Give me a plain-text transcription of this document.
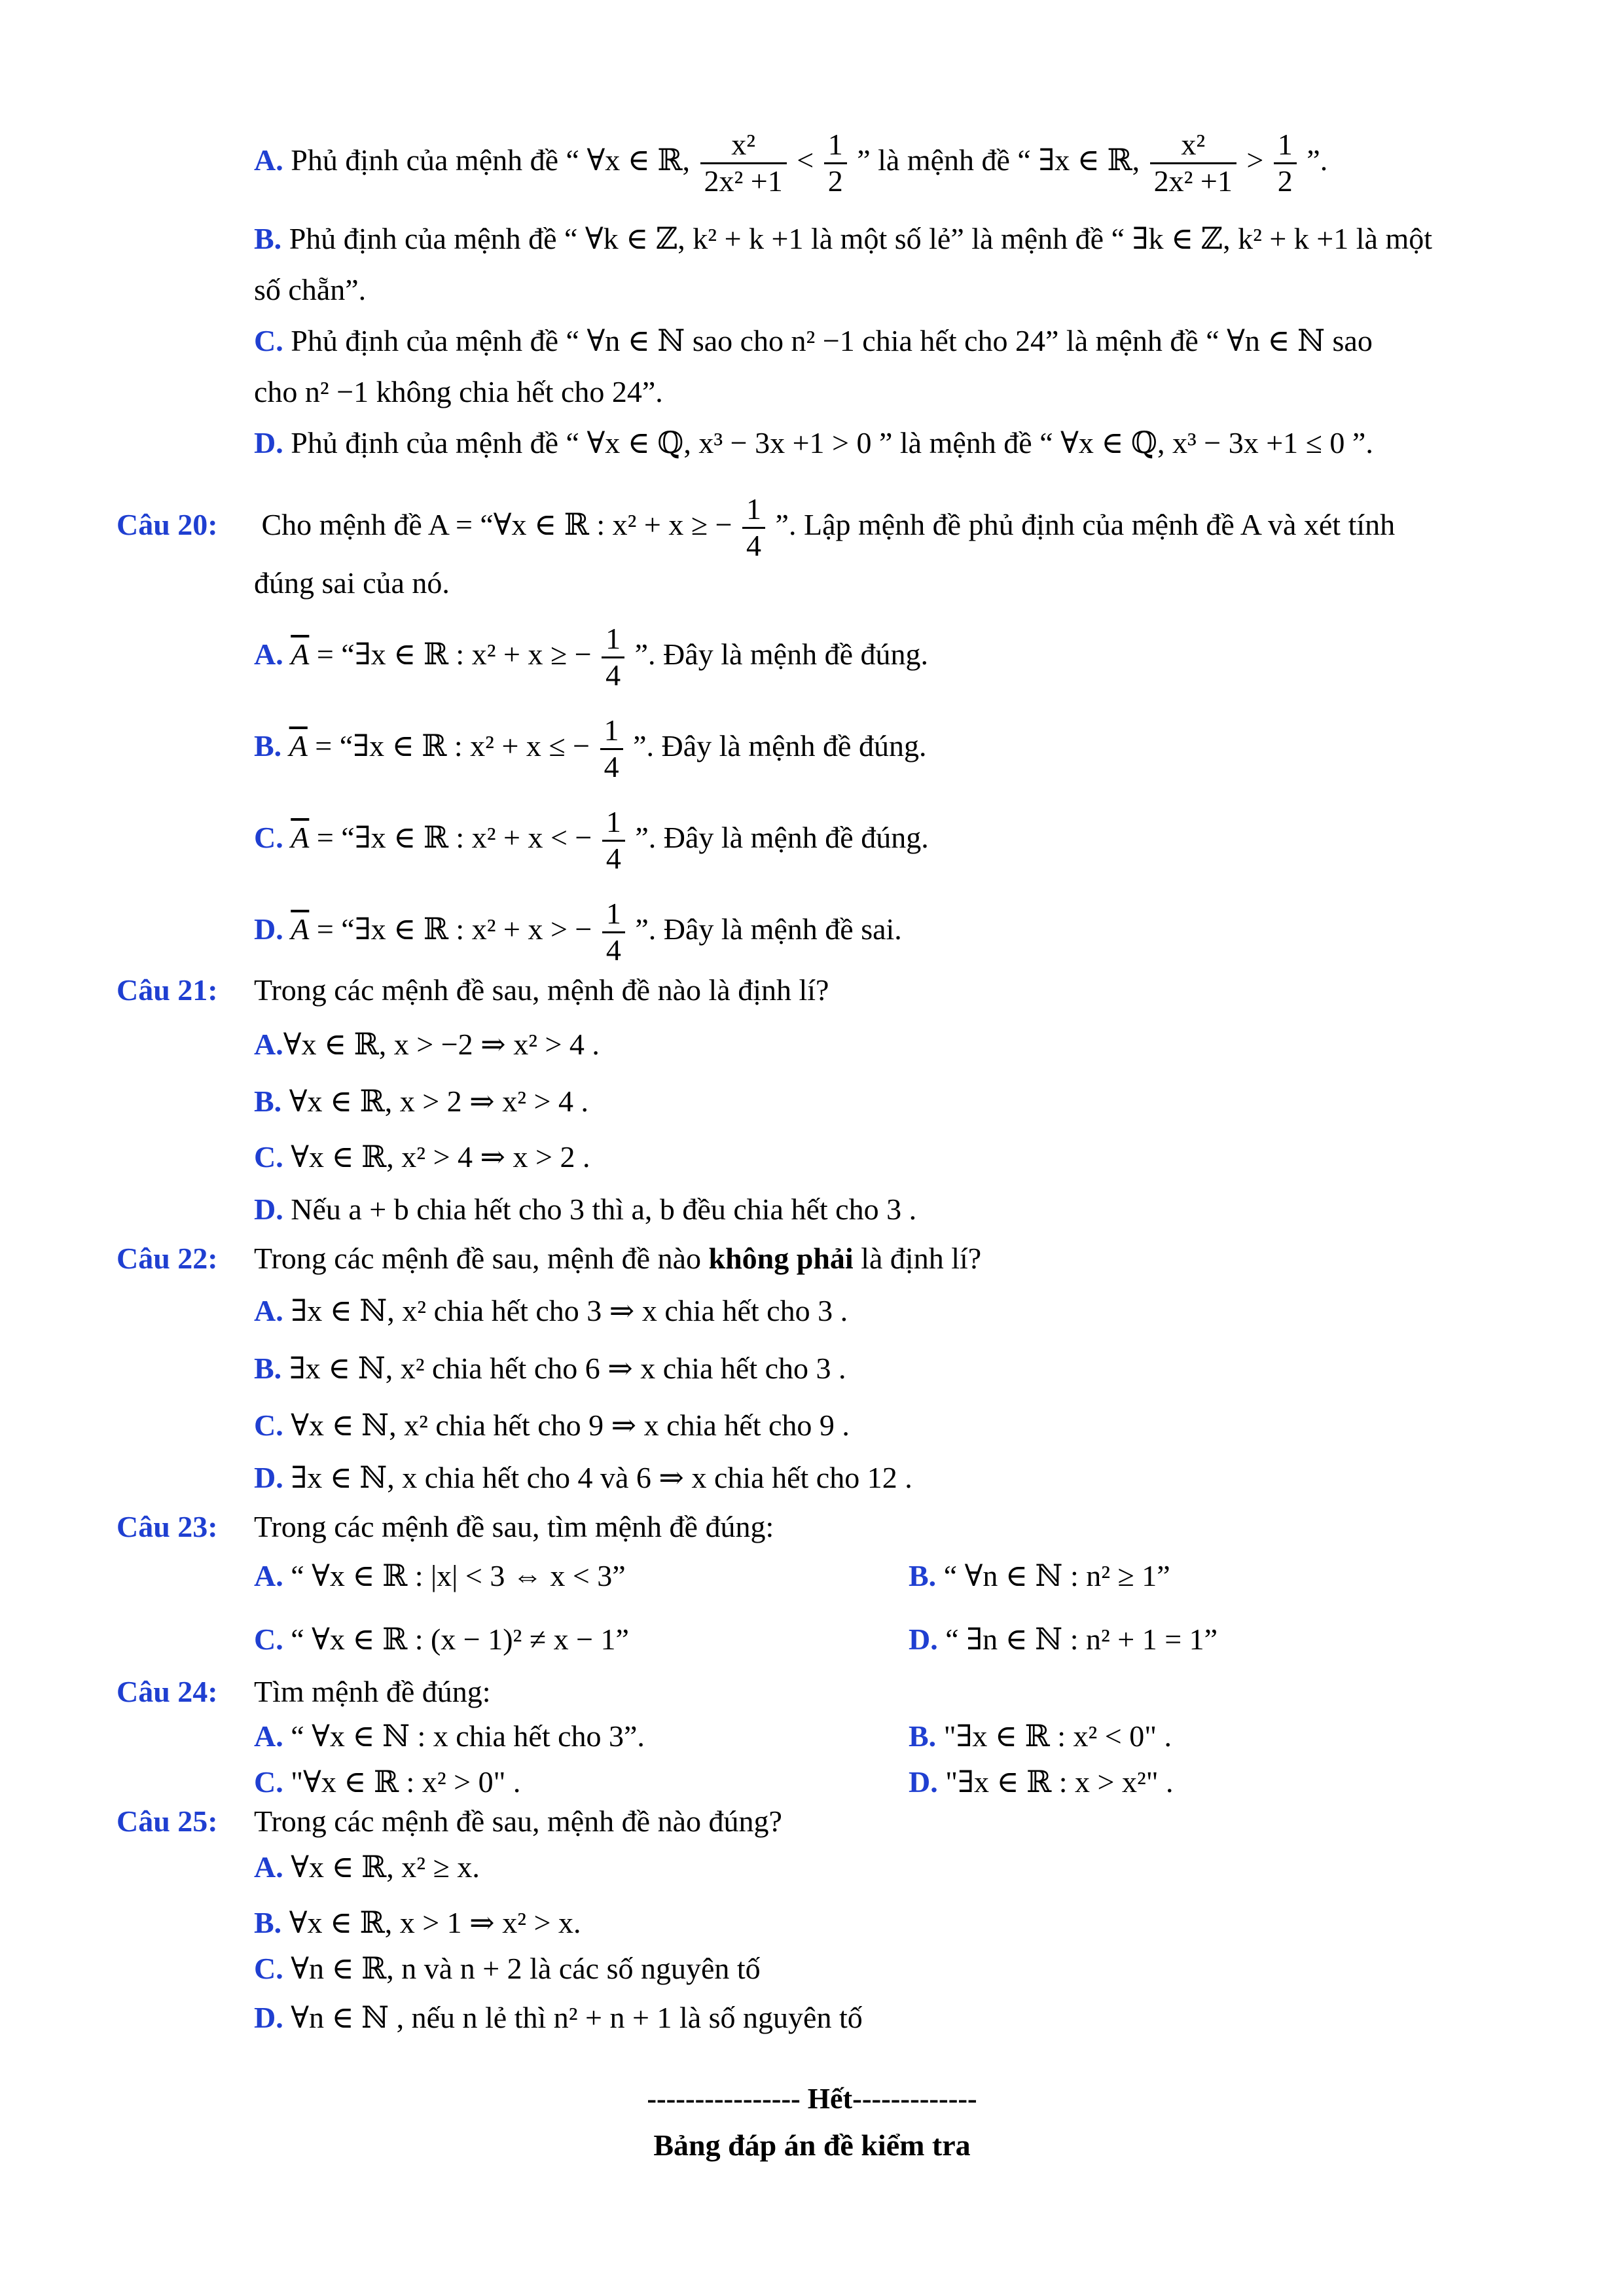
A. Phủ định của mệnh đề “ ∀x ∈ ℝ, $\frac{\text{x²}}{\text{2x² +1}} < \frac{1}{2}$ ” là mệnh đề “ ∃x ∈ ℝ, $\frac{\text{x²}}{\text{2x² +1}} > \frac{1}{2}$ ”.
B. Phủ định của mệnh đề “ ∀k ∈ ℤ, k² + k +1 là một số lẻ” là mệnh đề “ ∃k ∈ ℤ, k² + k +1 là một
số chẵn”.
C. Phủ định của mệnh đề “ ∀n ∈ ℕ sao cho n² −1 chia hết cho 24” là mệnh đề “ ∀n ∈ ℕ sao
cho n² −1 không chia hết cho 24”.
D. Phủ định của mệnh đề “ ∀x ∈ ℚ, x³ − 3x +1 > 0 ” là mệnh đề “ ∀x ∈ ℚ, x³ − 3x +1 ≤ 0 ”.
Câu 20: Cho mệnh đề A = “∀x ∈ ℝ : x² + x ≥ − $\frac{1}{4}$ ”. Lập mệnh đề phủ định của mệnh đề A và xét tính
đúng sai của nó.
A. $\overline{A}$ = “∃x ∈ ℝ : x² + x ≥ − $\frac{1}{4}$ ”. Đây là mệnh đề đúng.
B. $\overline{A}$ = “∃x ∈ ℝ : x² + x ≤ − $\frac{1}{4}$ ”. Đây là mệnh đề đúng.
C. $\overline{A}$ = “∃x ∈ ℝ : x² + x < − $\frac{1}{4}$ ”. Đây là mệnh đề đúng.
D. $\overline{A}$ = “∃x ∈ ℝ : x² + x > − $\frac{1}{4}$ ”. Đây là mệnh đề sai.
Câu 21: Trong các mệnh đề sau, mệnh đề nào là định lí?
A.∀x ∈ ℝ, x > −2 ⇒ x² > 4 .
B. ∀x ∈ ℝ, x > 2 ⇒ x² > 4 .
C. ∀x ∈ ℝ, x² > 4 ⇒ x > 2 .
D. Nếu a + b chia hết cho 3 thì a, b đều chia hết cho 3 .
Câu 22: Trong các mệnh đề sau, mệnh đề nào không phải là định lí?
A. ∃x ∈ ℕ, x² chia hết cho 3 ⇒ x chia hết cho 3 .
B. ∃x ∈ ℕ, x² chia hết cho 6 ⇒ x chia hết cho 3 .
C. ∀x ∈ ℕ, x² chia hết cho 9 ⇒ x chia hết cho 9 .
D. ∃x ∈ ℕ, x chia hết cho 4 và 6 ⇒ x chia hết cho 12 .
Câu 23: Trong các mệnh đề sau, tìm mệnh đề đúng:
A. “ ∀x ∈ ℝ : |x| < 3 ⇔ x < 3”	B. “ ∀n ∈ ℕ : n² ≥ 1”
C. “ ∀x ∈ ℝ : (x − 1)² ≠ x − 1”	D. “ ∃n ∈ ℕ : n² + 1 = 1”
Câu 24: Tìm mệnh đề đúng:
A. “ ∀x ∈ ℕ : x chia hết cho 3”.	B. "∃x ∈ ℝ : x² < 0" .
C. "∀x ∈ ℝ : x² > 0" .	D. "∃x ∈ ℝ : x > x²" .
Câu 25: Trong các mệnh đề sau, mệnh đề nào đúng?
A. ∀x ∈ ℝ, x² ≥ x.
B. ∀x ∈ ℝ, x > 1 ⇒ x² > x.
C. ∀n ∈ ℝ, n và n + 2 là các số nguyên tố
D. ∀n ∈ ℕ , nếu n lẻ thì n² + n + 1 là số nguyên tố
---------------- Hết-------------
Bảng đáp án đề kiểm tra
